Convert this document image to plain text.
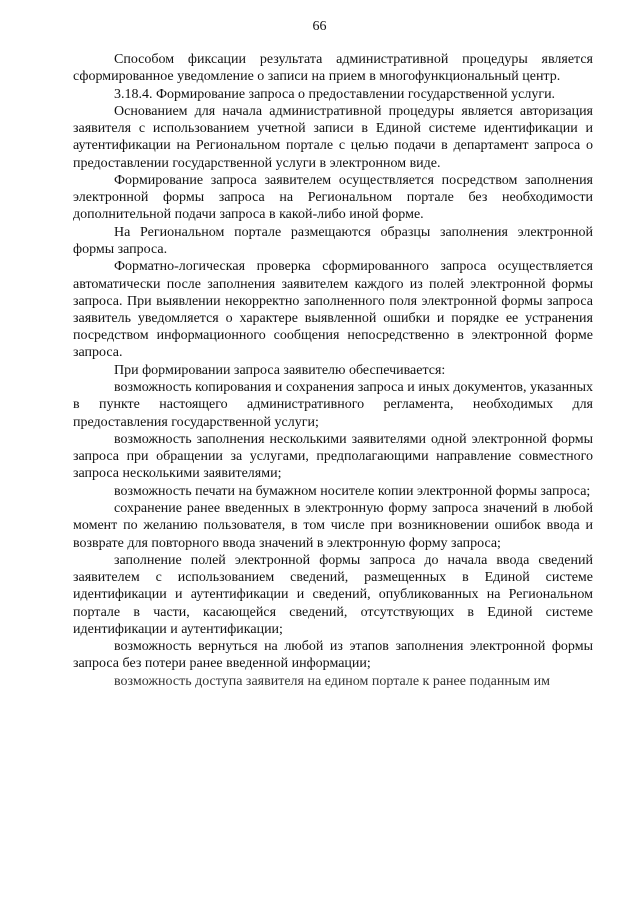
66

Способом фиксации результата административной процедуры является сформированное уведомление о записи на прием в многофункциональный центр.

3.18.4. Формирование запроса о предоставлении государственной услуги.

Основанием для начала административной процедуры является авторизация заявителя с использованием учетной записи в Единой системе идентификации и аутентификации на Региональном портале с целью подачи в департамент запроса о предоставлении государственной услуги в электронном виде.

Формирование запроса заявителем осуществляется посредством заполнения электронной формы запроса на Региональном портале без необходимости дополнительной подачи запроса в какой-либо иной форме.

На Региональном портале размещаются образцы заполнения электронной формы запроса.

Форматно-логическая проверка сформированного запроса осуществляется автоматически после заполнения заявителем каждого из полей электронной формы запроса. При выявлении некорректно заполненного поля электронной формы запроса заявитель уведомляется о характере выявленной ошибки и порядке ее устранения посредством информационного сообщения непосредственно в электронной форме запроса.

При формировании запроса заявителю обеспечивается:

возможность копирования и сохранения запроса и иных документов, указанных в пункте настоящего административного регламента, необходимых для предоставления государственной услуги;

возможность заполнения несколькими заявителями одной электронной формы запроса при обращении за услугами, предполагающими направление совместного запроса несколькими заявителями;

возможность печати на бумажном носителе копии электронной формы запроса;

сохранение ранее введенных в электронную форму запроса значений в любой момент по желанию пользователя, в том числе при возникновении ошибок ввода и возврате для повторного ввода значений в электронную форму запроса;

заполнение полей электронной формы запроса до начала ввода сведений заявителем с использованием сведений, размещенных в Единой системе идентификации и аутентификации и сведений, опубликованных на Региональном портале в части, касающейся сведений, отсутствующих в Единой системе идентификации и аутентификации;

возможность вернуться на любой из этапов заполнения электронной формы запроса без потери ранее введенной информации;

возможность доступа заявителя на едином портале к ранее поданным им
